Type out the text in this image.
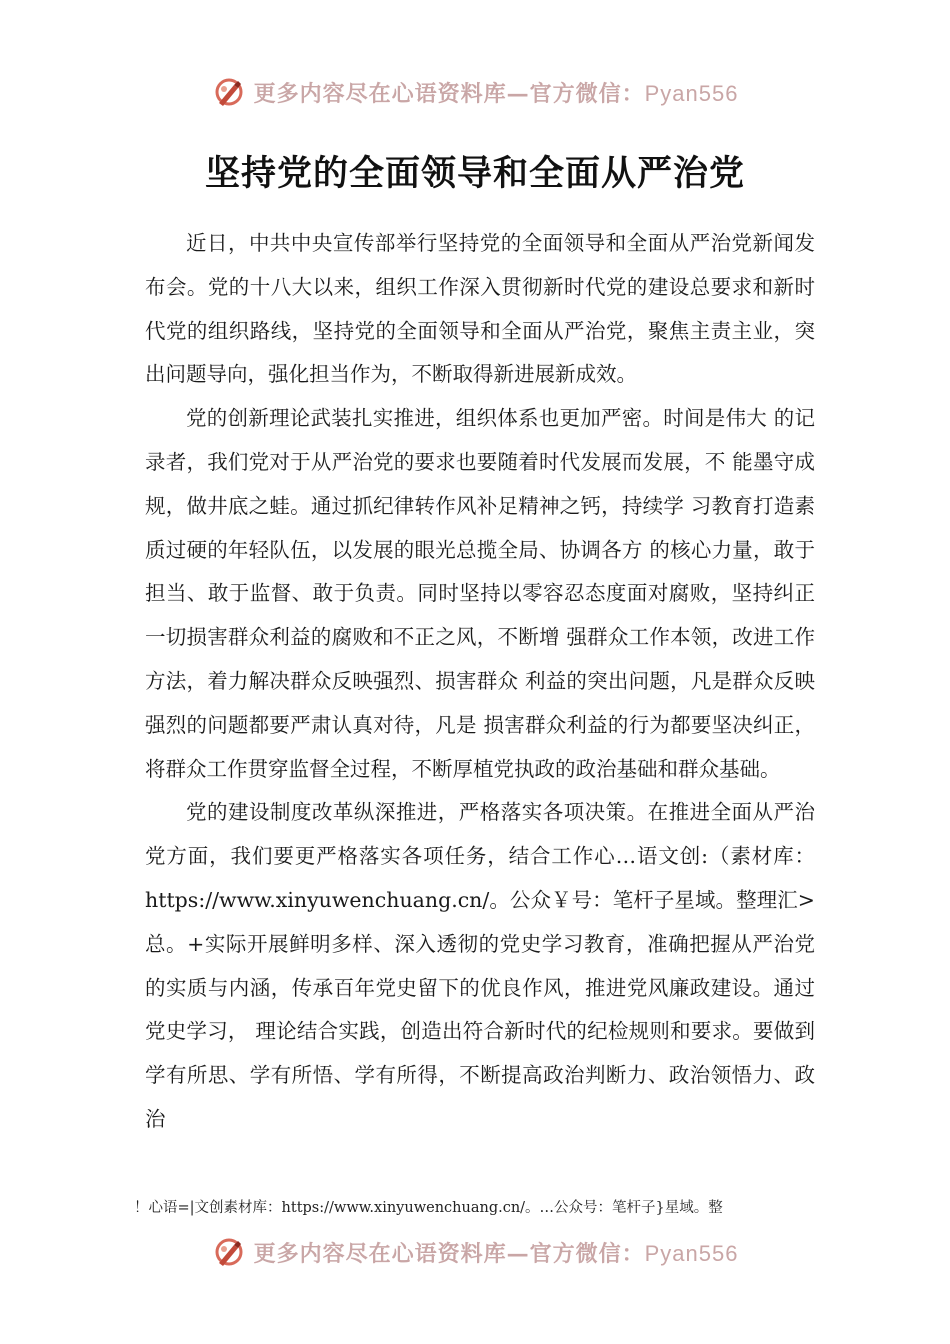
更多内容尽在心语资料库—官方微信：Pyan556
坚持党的全面领导和全面从严治党

近日，中共中央宣传部举行坚持党的全面领导和全面从严治党新闻发布会。党的十八大以来，组织工作深入贯彻新时代党的建设总要求和新时代党的组织路线，坚持党的全面领导和全面从严治党，聚焦主责主业，突出问题导向，强化担当作为，不断取得新进展新成效。

党的创新理论武装扎实推进，组织体系也更加严密。时间是伟大 的记录者，我们党对于从严治党的要求也要随着时代发展而发展，不 能墨守成规，做井底之蛙。通过抓纪律转作风补足精神之钙，持续学 习教育打造素质过硬的年轻队伍，以发展的眼光总揽全局、协调各方 的核心力量，敢于担当、敢于监督、敢于负责。同时坚持以零容忍态度面对腐败，坚持纠正一切损害群众利益的腐败和不正之风，不断增 强群众工作本领，改进工作方法，着力解决群众反映强烈、损害群众 利益的突出问题，凡是群众反映强烈的问题都要严肃认真对待，凡是 损害群众利益的行为都要坚决纠正，将群众工作贯穿监督全过程，不断厚植党执政的政治基础和群众基础。

党的建设制度改革纵深推进，严格落实各项决策。在推进全面从严治党方面，我们要更严格落实各项任务，结合工作心…语文创:（素材库：https://www.xinyuwenchuang.cn/。公众￥号：笔杆子星域。整理汇>总。+实际开展鲜明多样、深入透彻的党史学习教育，准确把握从严治党的实质与内涵，传承百年党史留下的优良作风，推进党风廉政建设。通过党史学习， 理论结合实践，创造出符合新时代的纪检规则和要求。要做到学有所思、学有所悟、学有所得，不断提高政治判断力、政治领悟力、政治

！心语=|文创素材库：https://www.xinyuwenchuang.cn/。…公众号：笔杆子}星域。整
更多内容尽在心语资料库—官方微信：Pyan556
